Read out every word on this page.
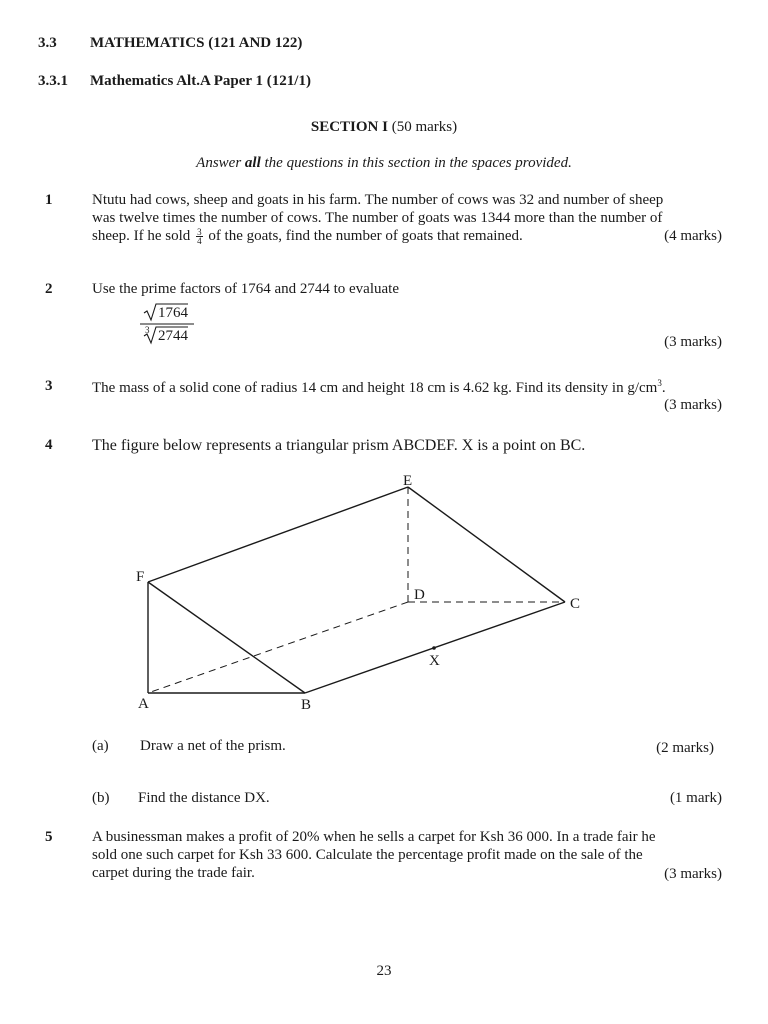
3.3 MATHEMATICS (121 AND 122)
3.3.1 Mathematics Alt.A Paper 1 (121/1)
SECTION I (50 marks)
Answer all the questions in this section in the spaces provided.
1	Ntutu had cows, sheep and goats in his farm. The number of cows was 32 and number of sheep
was twelve times the number of cows. The number of goats was 1344 more than the number of
sheep. If he sold $\frac{3}{4}$ of the goats, find the number of goats that remained.	(4 marks)
2	Use the prime factors of 1764 and 2744 to evaluate
1764
3 2744	(3 marks)
3	The mass of a solid cone of radius 14 cm and height 18 cm is 4.62 kg. Find its density in $g/cm^3$.
(3 marks)
4 The figure below represents a triangular prism ABCDEF. X is a point on BC.
E
F
D
C
X
A	B
(a) Draw a net of the prism.	(2 marks)
(b) Find the distance DX.	(1 mark)
5	A businessman makes a profit of 20% when he sells a carpet for Ksh 36 000. In a trade fair he
sold one such carpet for Ksh 33 600. Calculate the percentage profit made on the sale of the
carpet during the trade fair.	(3 marks)
23
